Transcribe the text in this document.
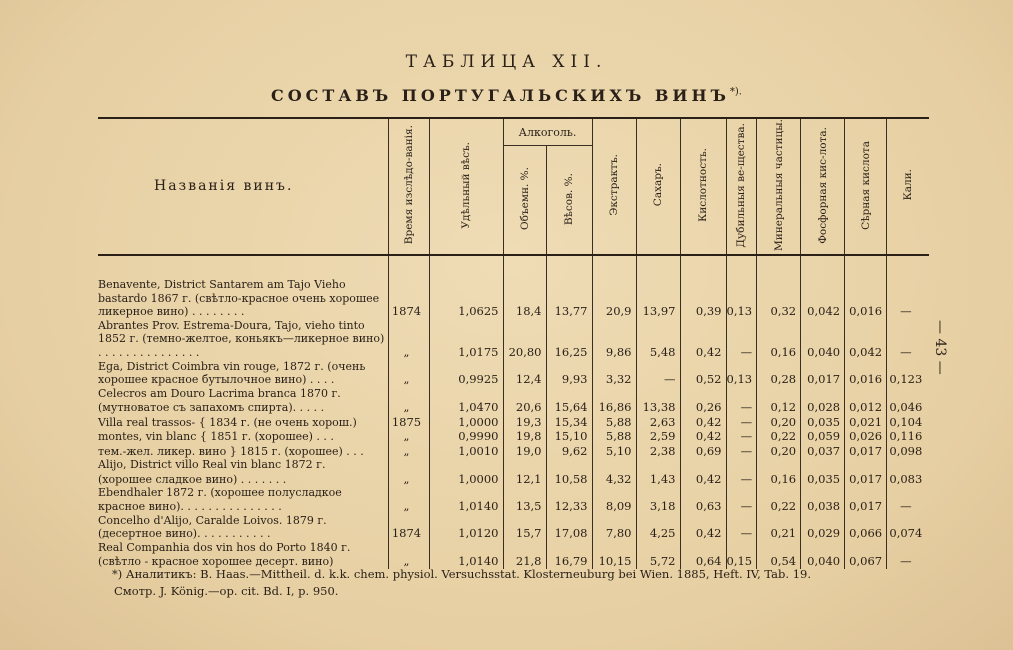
ТАБЛИЦА XII.
СОСТАВЪ ПОРТУГАЛЬСКИХЪ ВИНЪ*).
— 43 —
Названія винъ.	Время изслѣдо-ванія.	Удѣльный вѣсъ.	Алкоголь.		Экстрактъ.	Сахаръ.	Кислотность.	Дубильныя ве-щества.	Минеральныя частицы.	Фосфорная кис-лота.	Сѣрная кислота	Кали.
			Объемн. %.	Вѣсов. %.								

Benavente, District Santarem am Tajo Vieho bastardo 1867 г. (свѣтло-красное очень хорошее ликерное вино) . . . . . . . .	1874	1,0625	18,4	13,77	20,9	13,97	0,39	0,13	0,32	0,042	0,016	—
Abrantes Prov. Estrema-Doura, Tajo, vieho tinto 1852 г. (темно-желтое, коньякъ—ликерное вино) . . . . . . . . . . . . . . .	„	1,0175	20,80	16,25	9,86	5,48	0,42	—	0,16	0,040	0,042	—
Ega, District Coimbra vin rouge, 1872 г. (очень хорошее красное бутылочное вино) . . . .	„	0,9925	12,4	9,93	3,32	—	0,52	0,13	0,28	0,017	0,016	0,123
Celecros am Douro Lacrima branca 1870 г.												
(мутноватое съ запахомъ спирта). . . . .	„	1,0470	20,6	15,64	16,86	13,38	0,26	—	0,12	0,028	0,012	0,046
Villa real trassos- { 1834 г. (не очень хорош.)	1875	1,0000	19,3	15,34	5,88	2,63	0,42	—	0,20	0,035	0,021	0,104
montes, vin blanc { 1851 г. (хорошее) . . .	„	0,9990	19,8	15,10	5,88	2,59	0,42	—	0,22	0,059	0,026	0,116
тем.-жел. ликер. вино } 1815 г. (хорошее) . . .	„	1,0010	19,0	9,62	5,10	2,38	0,69	—	0,20	0,037	0,017	0,098
Alijo, District villo Real vin blanc 1872 г.												
(хорошее сладкое вино) . . . . . . .	„	1,0000	12,1	10,58	4,32	1,43	0,42	—	0,16	0,035	0,017	0,083
Ebendhaler 1872 г. (хорошее полусладкое красное вино). . . . . . . . . . . . . . .	„	1,0140	13,5	12,33	8,09	3,18	0,63	—	0,22	0,038	0,017	—
Concelho d'Alijo, Caralde Loivos. 1879 г. (десертное вино). . . . . . . . . . .	1874	1,0120	15,7	17,08	7,80	4,25	0,42	—	0,21	0,029	0,066	0,074
Real Companhia dos vin hos do Porto 1840 г.												
(свѣтло - красное хорошее десерт. вино)	„	1,0140	21,8	16,79	10,15	5,72	0,64	0,15	0,54	0,040	0,067	—
*) Аналитикъ: B. Haas.—Mittheil. d. k.k. chem. physiol. Versuchsstat. Klosterneuburg bei Wien. 1885, Heft. IV, Tab. 19.
Смотр. J. König.—op. cit. Bd. I, p. 950.
